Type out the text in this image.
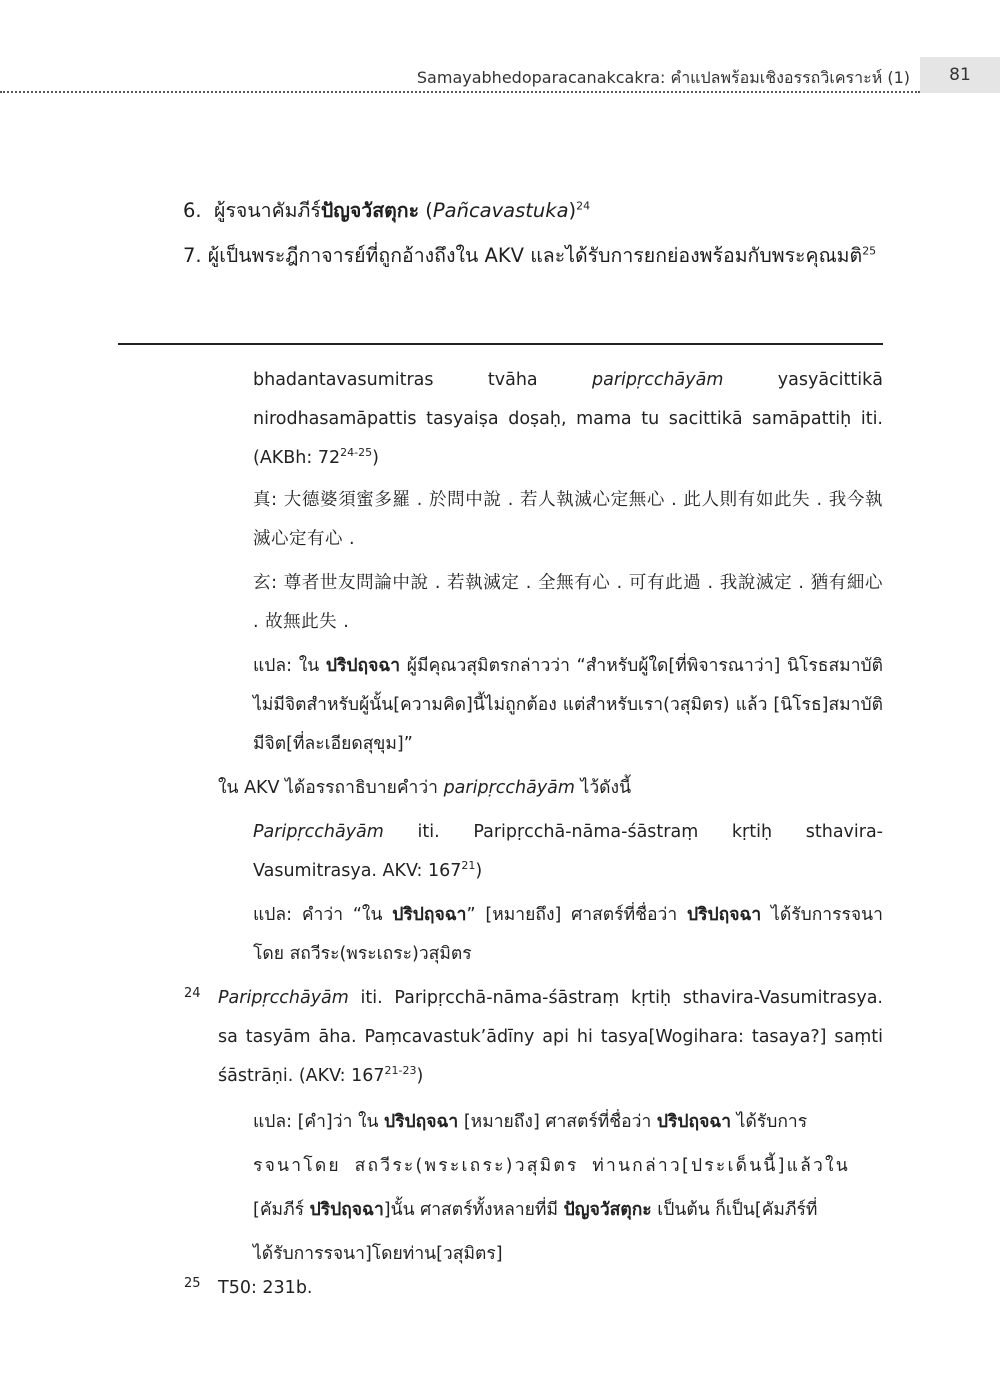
Samayabhedoparacanakcakra: คำแปลพร้อมเชิงอรรถวิเคราะห์ (1)	81
6. ผู้รจนาคัมภีร์ปัญจวัสตุกะ (Pañcavastuka)$^{24}$
7. ผู้เป็นพระฎีกาจารย์ที่ถูกอ้างถึงใน AKV และได้รับการยกย่องพร้อมกับพระคุณมติ$^{25}$
bhadantavasumitras tvāha paripṛcchāyām yasyācittikā nirodhasamāpattis tasyaiṣa doṣaḥ, mama tu sacittikā samāpattiḥ iti. (AKBh: 72$^{24-25}$)
真: 大德婆須蜜多羅 . 於問中說 . 若人執滅心定無心 . 此人則有如此失 . 我今執滅心定有心 .
玄: 尊者世友問論中說 . 若執滅定 . 全無有心 . 可有此過 . 我說滅定 . 猶有細心 . 故無此失 .
แปล: ใน ปริปฤจฉา ผู้มีคุณวสุมิตรกล่าวว่า “สำหรับผู้ใด[ที่พิจารณาว่า] นิโรธสมาบัติไม่มีจิตสำหรับผู้นั้น[ความคิด]นี้ไม่ถูกต้อง แต่สำหรับเรา(วสุมิตร) แล้ว [นิโรธ]สมาบัติมีจิต[ที่ละเอียดสุขุม]”
ใน AKV ได้อรรถาธิบายคำว่า paripṛcchāyām ไว้ดังนี้
Paripṛcchāyām iti. Paripṛcchā-nāma-śāstraṃ kṛtiḥ sthavira-Vasumitrasya. AKV: $167^{21}$)
แปล: คำว่า “ใน ปริปฤจฉา” [หมายถึง] ศาสตร์ที่ชื่อว่า ปริปฤจฉา ได้รับการรจนาโดย สถวีระ(พระเถระ)วสุมิตร
24 Paripṛcchāyām iti. Paripṛcchā-nāma-śāstraṃ kṛtiḥ sthavira-Vasumitrasya. sa tasyām āha. Paṃcavastuk’ādīny api hi tasya[Wogihara: tasaya?] saṃti śāstrāṇi. (AKV: 167$^{21-23}$)
แปล: [คำ]ว่า ใน ปริปฤจฉา [หมายถึง] ศาสตร์ที่ชื่อว่า ปริปฤจฉา ได้รับการ
รจนาโดย สถวีระ(พระเถระ)วสุมิตร ท่านกล่าว[ประเด็นนี้]แล้วใน
[คัมภีร์ ปริปฤจฉา]นั้น ศาสตร์ทั้งหลายที่มี ปัญจวัสตุกะ เป็นต้น ก็เป็น[คัมภีร์ที่
ได้รับการรจนา]โดยท่าน[วสุมิตร]
25 T50: 231b.
